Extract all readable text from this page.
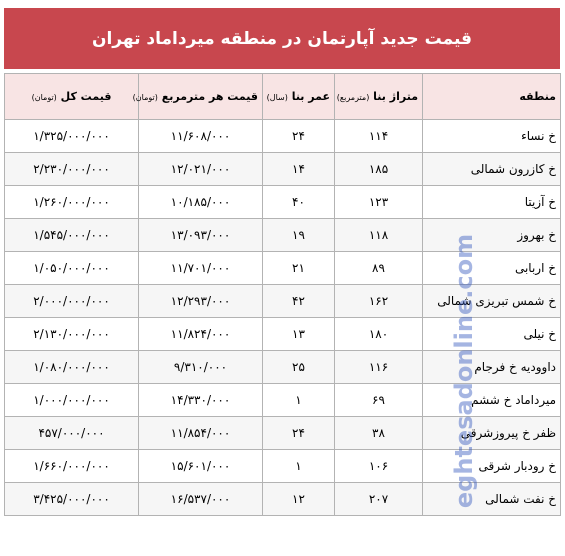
قیمت جدید آپارتمان در منطقه میرداماد تهران
منطقه	متراژ بنا (مترمربع)	عمر بنا (سال)	قیمت هر مترمربع (تومان)	قیمت کل (تومان)
خ نساء	۱۱۴	۲۴	۱۱/۶۰۸/۰۰۰	۱/۳۲۵/۰۰۰/۰۰۰
خ کازرون شمالی	۱۸۵	۱۴	۱۲/۰۲۱/۰۰۰	۲/۲۳۰/۰۰۰/۰۰۰
خ آزیتا	۱۲۳	۴۰	۱۰/۱۸۵/۰۰۰	۱/۲۶۰/۰۰۰/۰۰۰
خ بهروز	۱۱۸	۱۹	۱۳/۰۹۳/۰۰۰	۱/۵۴۵/۰۰۰/۰۰۰
خ اربابی	۸۹	۲۱	۱۱/۷۰۱/۰۰۰	۱/۰۵۰/۰۰۰/۰۰۰
خ شمس تبریزی شمالی	۱۶۲	۴۲	۱۲/۲۹۳/۰۰۰	۲/۰۰۰/۰۰۰/۰۰۰
خ نیلی	۱۸۰	۱۳	۱۱/۸۲۴/۰۰۰	۲/۱۳۰/۰۰۰/۰۰۰
داوودیه خ فرجام	۱۱۶	۲۵	۹/۳۱۰/۰۰۰	۱/۰۸۰/۰۰۰/۰۰۰
میرداماد خ ششم	۶۹	۱	۱۴/۳۳۰/۰۰۰	۱/۰۰۰/۰۰۰/۰۰۰
ظفر خ پیروزشرقی	۳۸	۲۴	۱۱/۸۵۴/۰۰۰	۴۵۷/۰۰۰/۰۰۰
خ رودبار شرقی	۱۰۶	۱	۱۵/۶۰۱/۰۰۰	۱/۶۶۰/۰۰۰/۰۰۰
خ نفت شمالی	۲۰۷	۱۲	۱۶/۵۳۷/۰۰۰	۳/۴۲۵/۰۰۰/۰۰۰	eghtesadonline.com
